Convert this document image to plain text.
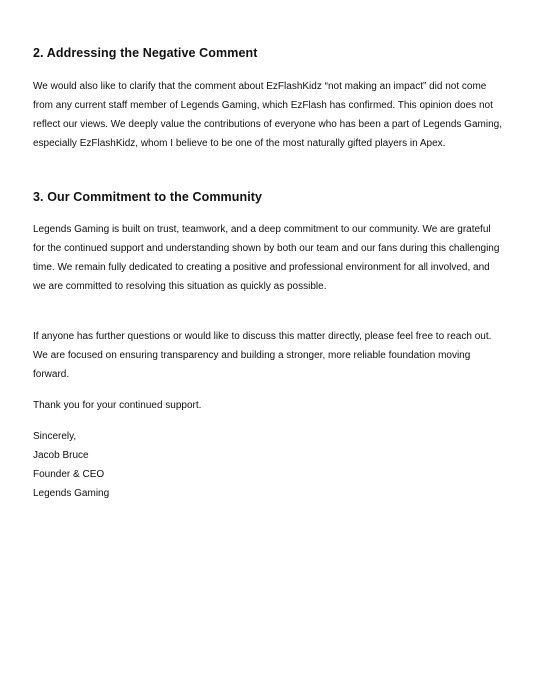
2. Addressing the Negative Comment

We would also like to clarify that the comment about EzFlashKidz “not making an impact” did not come from any current staff member of Legends Gaming, which EzFlash has confirmed. This opinion does not reflect our views. We deeply value the contributions of everyone who has been a part of Legends Gaming, especially EzFlashKidz, whom I believe to be one of the most naturally gifted players in Apex.

3. Our Commitment to the Community

Legends Gaming is built on trust, teamwork, and a deep commitment to our community. We are grateful for the continued support and understanding shown by both our team and our fans during this challenging time. We remain fully dedicated to creating a positive and professional environment for all involved, and we are committed to resolving this situation as quickly as possible.

If anyone has further questions or would like to discuss this matter directly, please feel free to reach out. We are focused on ensuring transparency and building a stronger, more reliable foundation moving forward.

Thank you for your continued support.

Sincerely,
Jacob Bruce
Founder & CEO
Legends Gaming
